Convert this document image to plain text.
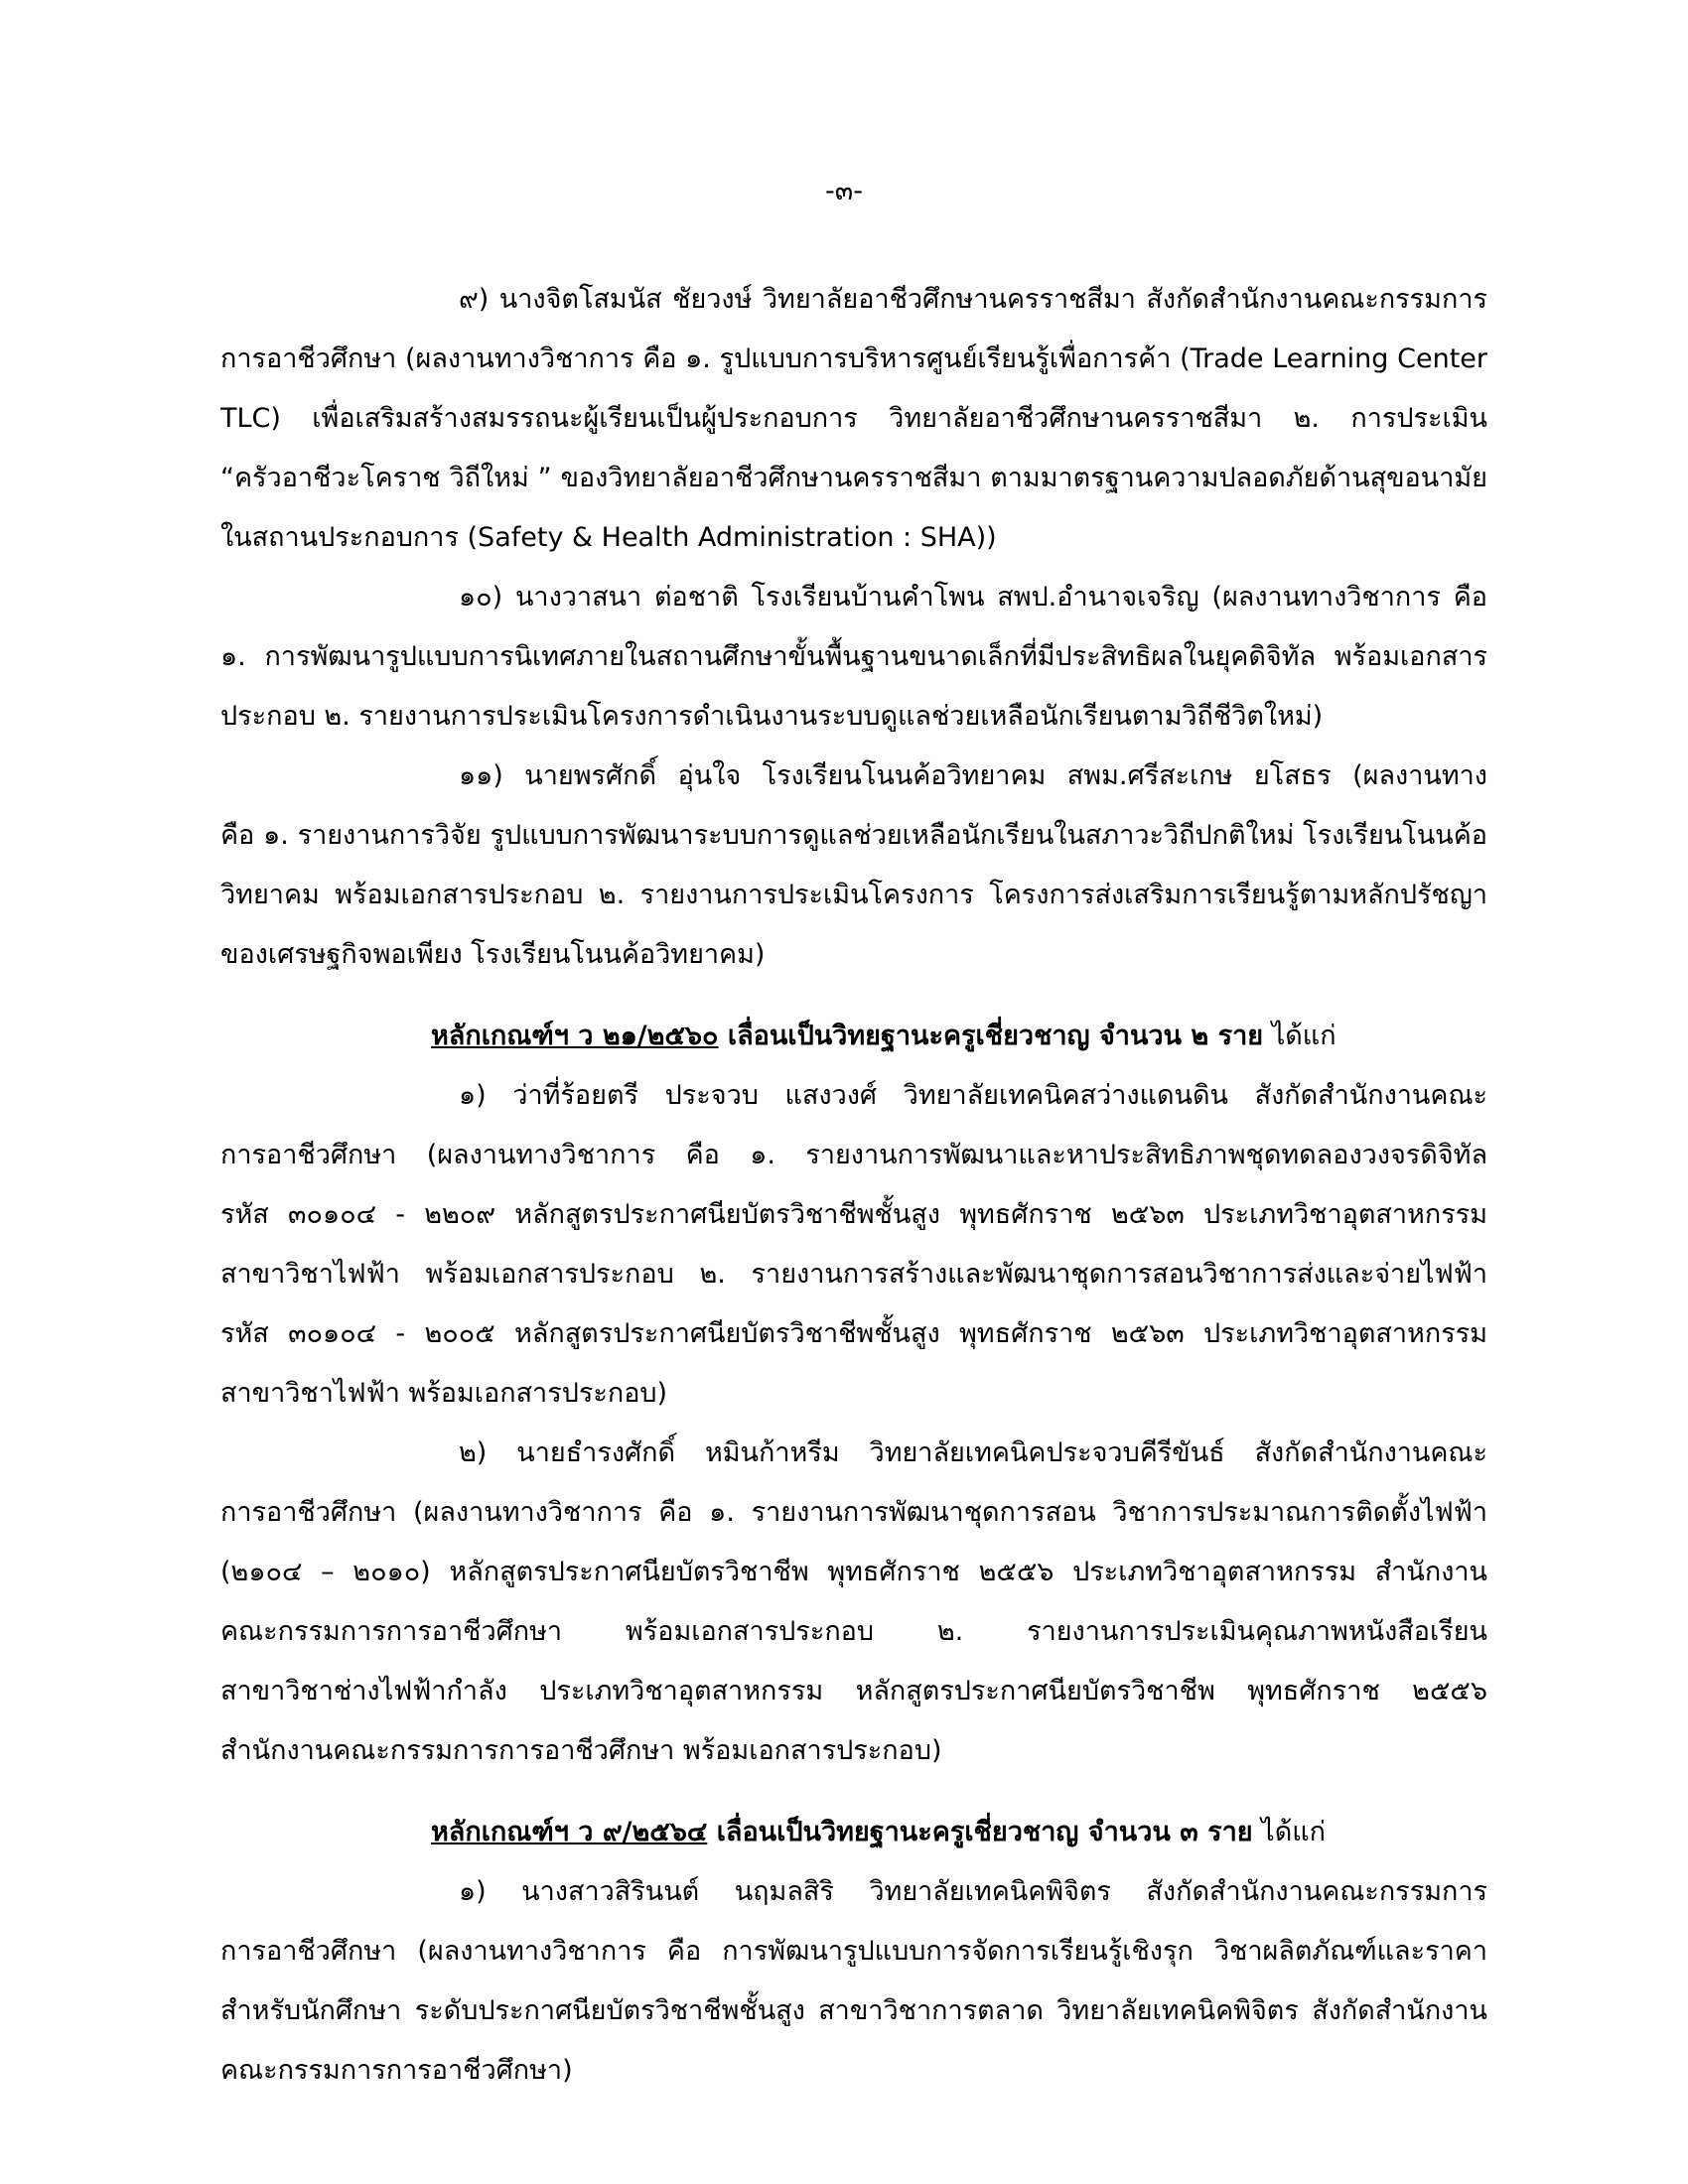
-๓-
๙) นางจิตโสมนัส ชัยวงษ์ วิทยาลัยอาชีวศึกษานครราชสีมา สังกัดสำนักงานคณะกรรมการ
การอาชีวศึกษา (ผลงานทางวิชาการ คือ ๑. รูปแบบการบริหารศูนย์เรียนรู้เพื่อการค้า (Trade Learning Center
TLC) เพื่อเสริมสร้างสมรรถนะผู้เรียนเป็นผู้ประกอบการ วิทยาลัยอาชีวศึกษานครราชสีมา ๒. การประเมิน
“ครัวอาชีวะโคราช วิถีใหม่ ” ของวิทยาลัยอาชีวศึกษานครราชสีมา ตามมาตรฐานความปลอดภัยด้านสุขอนามัย
ในสถานประกอบการ (Safety & Health Administration : SHA))
๑๐) นางวาสนา ต่อชาติ โรงเรียนบ้านคำโพน สพป.อำนาจเจริญ (ผลงานทางวิชาการ คือ
๑. การพัฒนารูปแบบการนิเทศภายในสถานศึกษาขั้นพื้นฐานขนาดเล็กที่มีประสิทธิผลในยุคดิจิทัล พร้อมเอกสาร
ประกอบ ๒. รายงานการประเมินโครงการดำเนินงานระบบดูแลช่วยเหลือนักเรียนตามวิถีชีวิตใหม่)
๑๑) นายพรศักดิ์ อุ่นใจ โรงเรียนโนนค้อวิทยาคม สพม.ศรีสะเกษ ยโสธร (ผลงานทาง
คือ ๑. รายงานการวิจัย รูปแบบการพัฒนาระบบการดูแลช่วยเหลือนักเรียนในสภาวะวิถีปกติใหม่ โรงเรียนโนนค้อ
วิทยาคม พร้อมเอกสารประกอบ ๒. รายงานการประเมินโครงการ โครงการส่งเสริมการเรียนรู้ตามหลักปรัชญา
ของเศรษฐกิจพอเพียง โรงเรียนโนนค้อวิทยาคม)
หลักเกณฑ์ฯ ว ๒๑/๒๕๖๐ เลื่อนเป็นวิทยฐานะครูเชี่ยวชาญ จำนวน ๒ ราย ได้แก่
๑) ว่าที่ร้อยตรี ประจวบ แสงวงศ์ วิทยาลัยเทคนิคสว่างแดนดิน สังกัดสำนักงานคณะ
การอาชีวศึกษา (ผลงานทางวิชาการ คือ ๑. รายงานการพัฒนาและหาประสิทธิภาพชุดทดลองวงจรดิจิทัล
รหัส ๓๐๑๐๔ - ๒๒๐๙ หลักสูตรประกาศนียบัตรวิชาชีพชั้นสูง พุทธศักราช ๒๕๖๓ ประเภทวิชาอุตสาหกรรม
สาขาวิชาไฟฟ้า พร้อมเอกสารประกอบ ๒. รายงานการสร้างและพัฒนาชุดการสอนวิชาการส่งและจ่ายไฟฟ้า
รหัส ๓๐๑๐๔ - ๒๐๐๕ หลักสูตรประกาศนียบัตรวิชาชีพชั้นสูง พุทธศักราช ๒๕๖๓ ประเภทวิชาอุตสาหกรรม
สาขาวิชาไฟฟ้า พร้อมเอกสารประกอบ)
๒) นายธำรงศักดิ์ หมินก้าหรีม วิทยาลัยเทคนิคประจวบคีรีขันธ์ สังกัดสำนักงานคณะ
การอาชีวศึกษา (ผลงานทางวิชาการ คือ ๑. รายงานการพัฒนาชุดการสอน วิชาการประมาณการติดตั้งไฟฟ้า
(๒๑๐๔ – ๒๐๑๐) หลักสูตรประกาศนียบัตรวิชาชีพ พุทธศักราช ๒๕๕๖ ประเภทวิชาอุตสาหกรรม สำนักงาน
คณะกรรมการการอาชีวศึกษา พร้อมเอกสารประกอบ ๒. รายงานการประเมินคุณภาพหนังสือเรียน
สาขาวิชาช่างไฟฟ้ากำลัง ประเภทวิชาอุตสาหกรรม หลักสูตรประกาศนียบัตรวิชาชีพ พุทธศักราช ๒๕๕๖
สำนักงานคณะกรรมการการอาชีวศึกษา พร้อมเอกสารประกอบ)
หลักเกณฑ์ฯ ว ๙/๒๕๖๔ เลื่อนเป็นวิทยฐานะครูเชี่ยวชาญ จำนวน ๓ ราย ได้แก่
๑) นางสาวสิรินนต์ นฤมลสิริ วิทยาลัยเทคนิคพิจิตร สังกัดสำนักงานคณะกรรมการ
การอาชีวศึกษา (ผลงานทางวิชาการ คือ การพัฒนารูปแบบการจัดการเรียนรู้เชิงรุก วิชาผลิตภัณฑ์และราคา
สำหรับนักศึกษา ระดับประกาศนียบัตรวิชาชีพชั้นสูง สาขาวิชาการตลาด วิทยาลัยเทคนิคพิจิตร สังกัดสำนักงาน
คณะกรรมการการอาชีวศึกษา)
